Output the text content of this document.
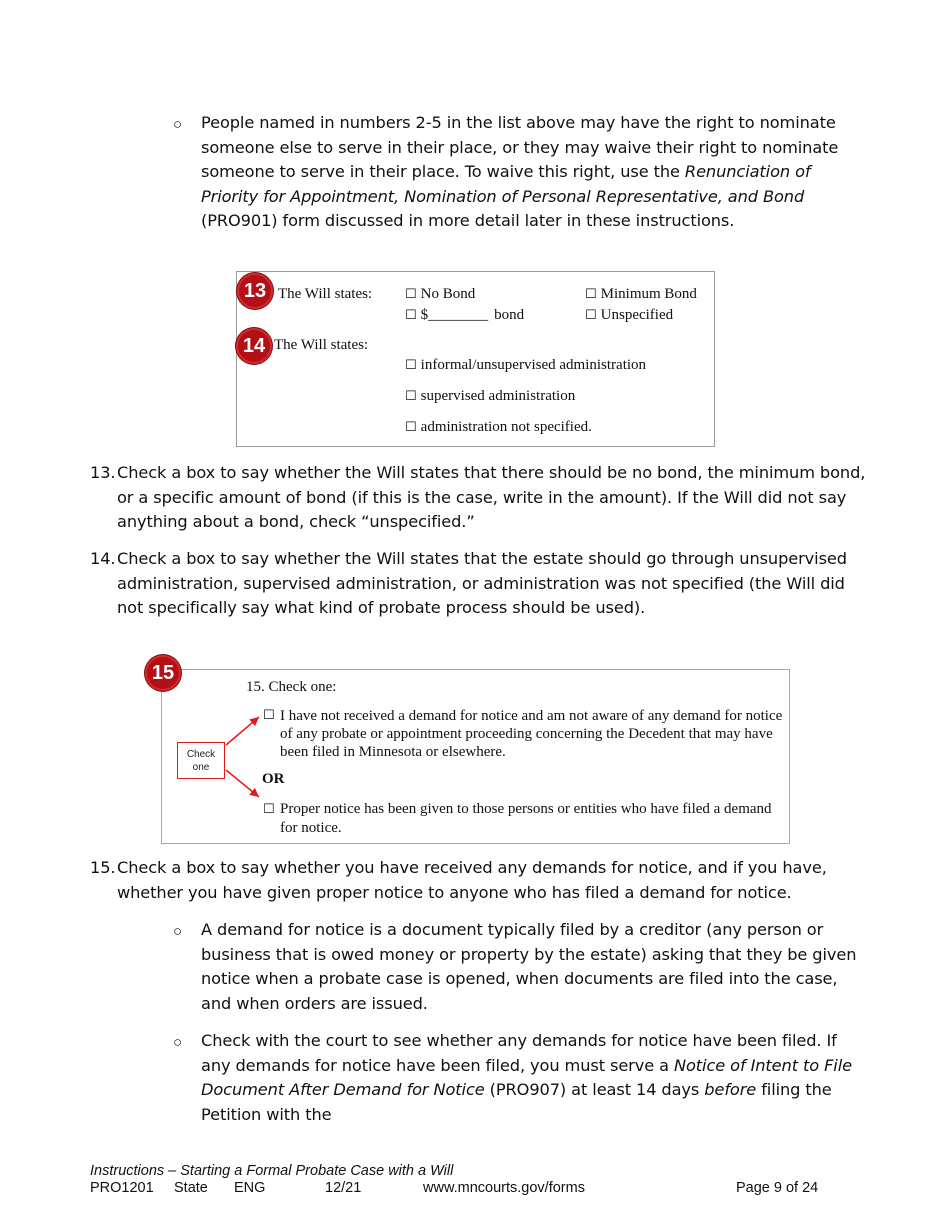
○ People named in numbers 2-5 in the list above may have the right to nominate someone else to serve in their place, or they may waive their right to nominate someone to serve in their place. To waive this right, use the Renunciation of Priority for Appointment, Nomination of Personal Representative, and Bond (PRO901) form discussed in more detail later in these instructions.
The Will states:	☐ No Bond	☐ Minimum Bond
☐ $________ bond	☐ Unspecified
The Will states:
☐ informal/unsupervised administration
☐ supervised administration
☐ administration not specified.
13
14
13. Check a box to say whether the Will states that there should be no bond, the minimum bond, or a specific amount of bond (if this is the case, write in the amount). If the Will did not say anything about a bond, check “unspecified.”
14. Check a box to say whether the Will states that the estate should go through unsupervised administration, supervised administration, or administration was not specified (the Will did not specifically say what kind of probate process should be used).
15. Check one:
☐ I have not received a demand for notice and am not aware of any demand for notice of any probate or appointment proceeding concerning the Decedent that may have been filed in Minnesota or elsewhere.
OR
☐ Proper notice has been given to those persons or entities who have filed a demand for notice.
Check one
15
15. Check a box to say whether you have received any demands for notice, and if you have, whether you have given proper notice to anyone who has filed a demand for notice.
○ A demand for notice is a document typically filed by a creditor (any person or business that is owed money or property by the estate) asking that they be given notice when a probate case is opened, when documents are filed into the case, and when orders are issued.
○ Check with the court to see whether any demands for notice have been filed. If any demands for notice have been filed, you must serve a Notice of Intent to File Document After Demand for Notice (PRO907) at least 14 days before filing the Petition with the
Instructions – Starting a Formal Probate Case with a Will
PRO1201 State ENG	12/21	www.mncourts.gov/forms	Page 9 of 24
